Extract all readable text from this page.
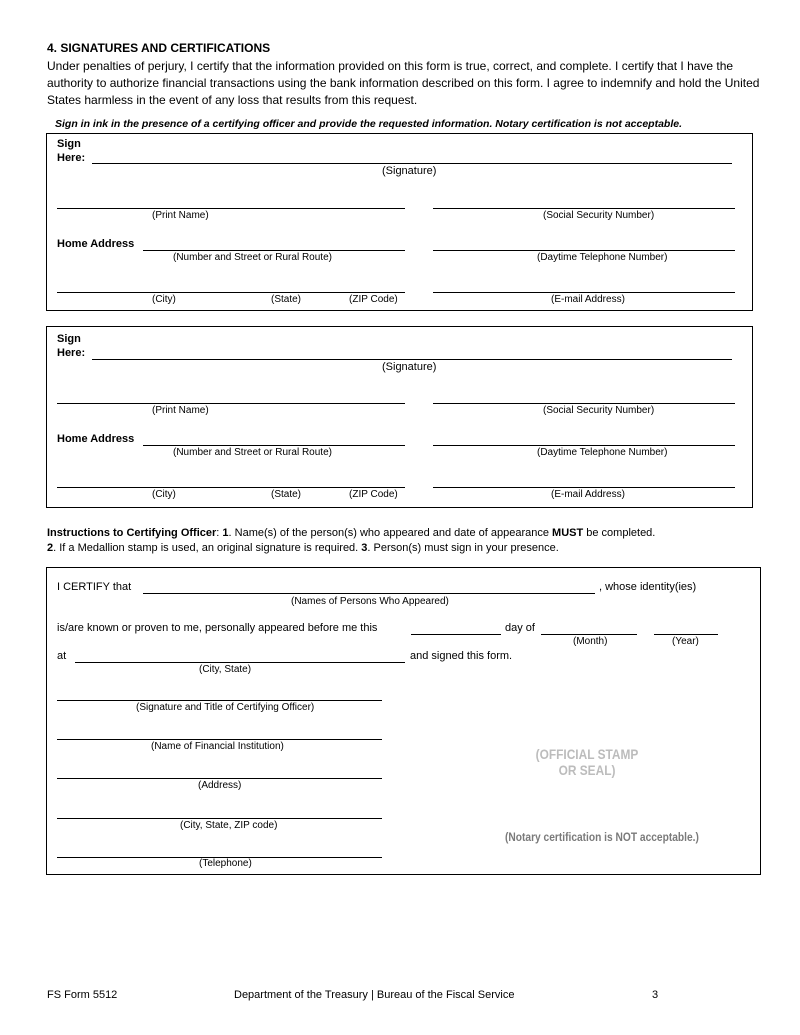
4. SIGNATURES AND CERTIFICATIONS
Under penalties of perjury, I certify that the information provided on this form is true, correct, and complete. I certify that I have the authority to authorize financial transactions using the bank information described on this form. I agree to indemnify and hold the United States harmless in the event of any loss that results from this request.
Sign in ink in the presence of a certifying officer and provide the requested information. Notary certification is not acceptable.
Sign
Here:
(Signature)
(Print Name)	(Social Security Number)
Home Address
(Number and Street or Rural Route)	(Daytime Telephone Number)
(City)	(State)	(ZIP Code)	(E-mail Address)
Sign
Here:
(Signature)
(Print Name)	(Social Security Number)
Home Address
(Number and Street or Rural Route)	(Daytime Telephone Number)
(City)	(State)	(ZIP Code)	(E-mail Address)
Instructions to Certifying Officer: 1. Name(s) of the person(s) who appeared and date of appearance MUST be completed.
2. If a Medallion stamp is used, an original signature is required. 3. Person(s) must sign in your presence.
I CERTIFY that	, whose identity(ies)
(Names of Persons Who Appeared)
is/are known or proven to me, personally appeared before me this	day of
(Month)	(Year)
at	and signed this form.
(City, State)
(Signature and Title of Certifying Officer)
(Name of Financial Institution)
(Address)
(City, State, ZIP code)
(Telephone)
(OFFICIAL STAMP
OR SEAL)
(Notary certification is NOT acceptable.)
FS Form 5512	Department of the Treasury | Bureau of the Fiscal Service	3
